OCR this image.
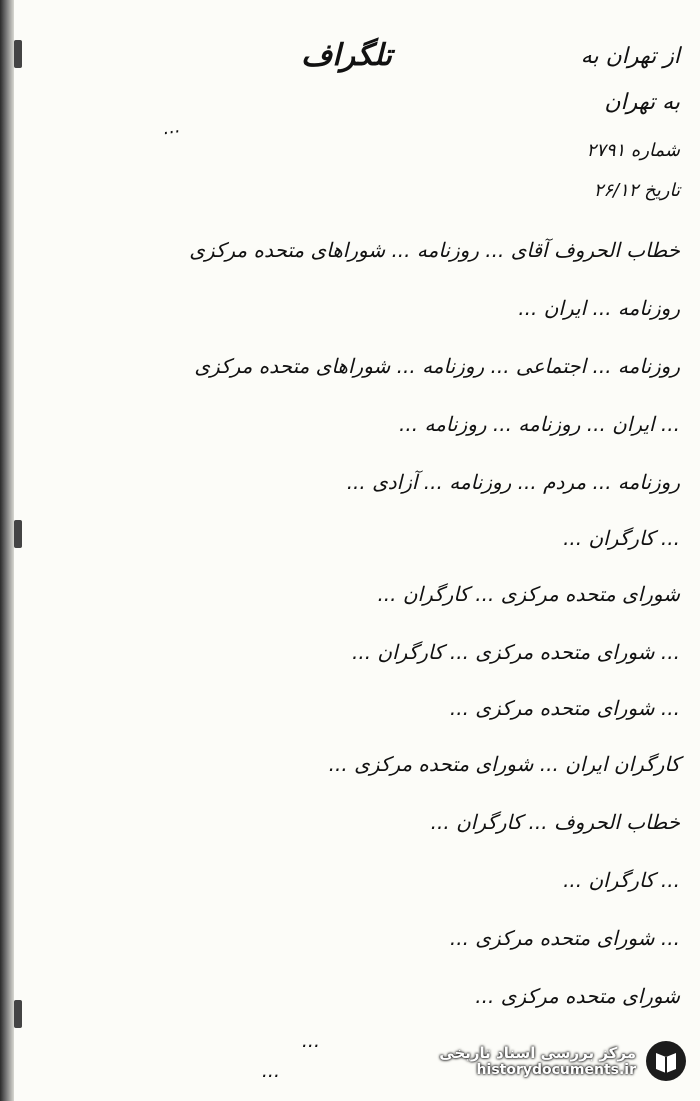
تلگراف	از تهران به
به تهران
شماره ۲۷۹۱
تاریخ ۲۶/۱۲
خطاب الحروف آقای ... روزنامه ... شوراهای متحده مرکزی
روزنامه ... ایران ...
روزنامه ... اجتماعی ... روزنامه ... شوراهای متحده مرکزی
... ایران ... روزنامه ... روزنامه ...
روزنامه ... مردم ... روزنامه ... آزادی ...
... کارگران ...
شورای متحده مرکزی ... کارگران ...
... شورای متحده مرکزی ... کارگران ...
... شورای متحده مرکزی ...
کارگران ایران ... شورای متحده مرکزی ...
خطاب الحروف ... کارگران ...
... کارگران ...
... شورای متحده مرکزی ...
شورای متحده مرکزی ...
...
...
...
مرکز بررسی اسناد تاریخی
historydocuments.ir
